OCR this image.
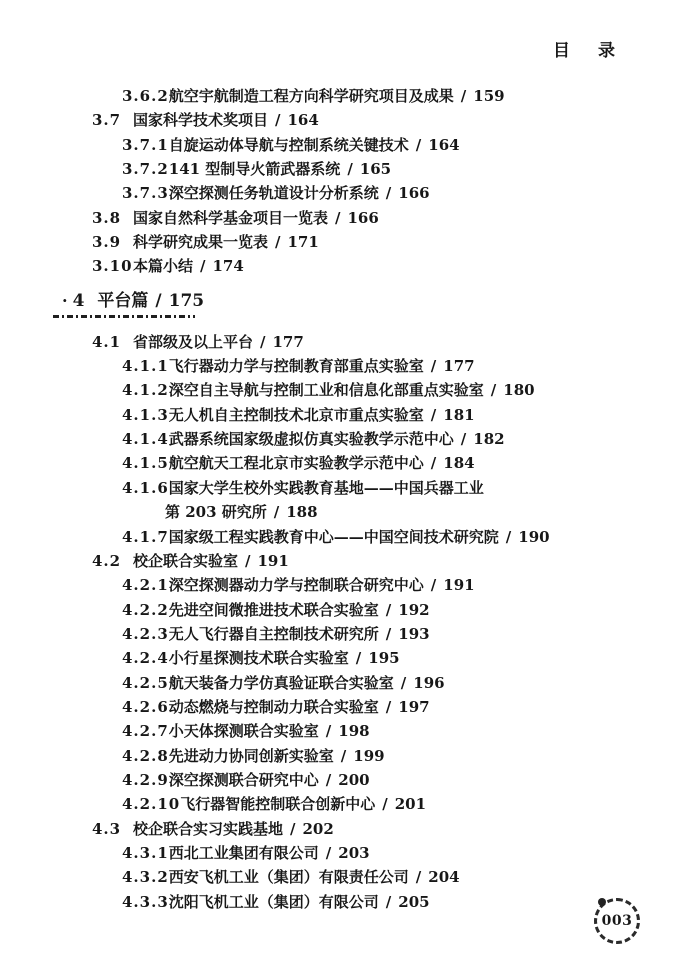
目录
3.6.2航空宇航制造工程方向科学研究项目及成果 / 159
3.7 国家科学技术奖项目 / 164
3.7.1自旋运动体导航与控制系统关键技术 / 164
3.7.2141 型制导火箭武器系统 / 165
3.7.3深空探测任务轨道设计分析系统 / 166
3.8 国家自然科学基金项目一览表 / 166
3.9 科学研究成果一览表 / 171
3.10本篇小结 / 174
· 4 平台篇 / 175
4.1 省部级及以上平台 / 177
4.1.1飞行器动力学与控制教育部重点实验室 / 177
4.1.2深空自主导航与控制工业和信息化部重点实验室 / 180
4.1.3无人机自主控制技术北京市重点实验室 / 181
4.1.4武器系统国家级虚拟仿真实验教学示范中心 / 182
4.1.5航空航天工程北京市实验教学示范中心 / 184
4.1.6国家大学生校外实践教育基地——中国兵器工业
第 203 研究所 / 188
4.1.7国家级工程实践教育中心——中国空间技术研究院 / 190
4.2 校企联合实验室 / 191
4.2.1深空探测器动力学与控制联合研究中心 / 191
4.2.2先进空间微推进技术联合实验室 / 192
4.2.3无人飞行器自主控制技术研究所 / 193
4.2.4小行星探测技术联合实验室 / 195
4.2.5航天装备力学仿真验证联合实验室 / 196
4.2.6动态燃烧与控制动力联合实验室 / 197
4.2.7小天体探测联合实验室 / 198
4.2.8先进动力协同创新实验室 / 199
4.2.9深空探测联合研究中心 / 200
4.2.10飞行器智能控制联合创新中心 / 201
4.3 校企联合实习实践基地 / 202
4.3.1西北工业集团有限公司 / 203
4.3.2西安飞机工业（集团）有限责任公司 / 204
4.3.3沈阳飞机工业（集团）有限公司 / 205
003
